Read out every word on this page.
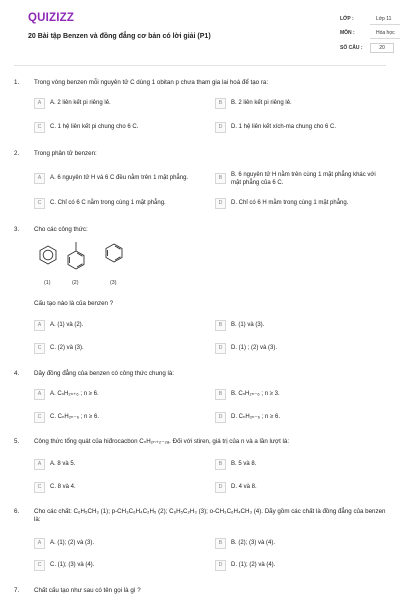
QUIZIZZ
20 Bài tập Benzen và đồng đẳng cơ bản có lời giải (P1)
LỚP :	Lớp 11
MÔN :	Hóa học
SỐ CÂU :	20
1. Trong vòng benzen mỗi nguyên tử C dùng 1 obitan p chưa tham gia lai hoá để tạo ra:
A	A. 2 liên kết pi riêng lẻ.	B	B. 2 liên kết pi riêng lẻ.
C	C. 1 hệ liên kết pi chung cho 6 C.	D	D. 1 hệ liên kết xích-ma chung cho 6 C.
2. Trong phân tử benzen:
A	A. 6 nguyên tử H và 6 C đều nằm trên 1 mặt phẳng.	B	B. 6 nguyên tử H nằm trên cùng 1 mặt phẳng khác với mặt phẳng của 6 C.
C	C. Chỉ có 6 C nằm trong cùng 1 mặt phẳng.	D	D. Chỉ có 6 H mằm trong cùng 1 mặt phẳng.
3. Cho các công thức:
(1)	(2)	(3)
Cấu tạo nào là của benzen ?
A	A. (1) và (2).	B	B. (1) và (3).
C	C. (2) và (3).	D	D. (1) ; (2) và (3).
4. Dãy đồng đẳng của benzen có công thức chung là:
A	A. CₙH₂ₙ₊₆ ; n ≥ 6.	B	B. CₙH₂ₙ₋₆ ; n ≥ 3.
C	C. CₙH₂ₙ₋₆ ; n ≥ 6.	D	D. CₙH₂ₙ₋₆ ; n ≥ 6.
5. Công thức tổng quát của hiđrocacbon CₙH₂ₙ₊₂₋₂ₐ. Đối với stiren, giá trị của n và a lần lượt là:
A	A. 8 và 5.	B	B. 5 và 8.
C	C. 8 và 4.	D	D. 4 và 8.
6. Cho các chất: C₆H₅CH₃ (1); p-CH₃C₆H₄C₂H₅ (2); C₆H₅C₂H₃ (3); o-CH₃C₆H₄CH₃ (4). Dãy gồm các chất là đồng đẳng của benzen là:
A	A. (1); (2) và (3).	B	B. (2); (3) và (4).
C	C. (1); (3) và (4).	D	D. (1); (2) và (4).
7. Chất cấu tạo như sau có tên gọi là gì ?
